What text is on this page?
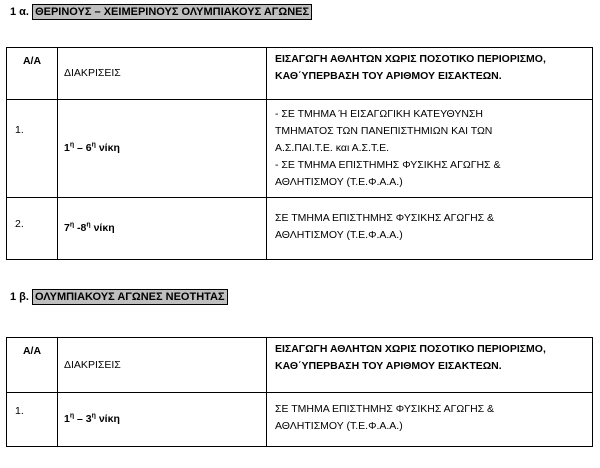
1 α. ΘΕΡΙΝΟΥΣ – ΧΕΙΜΕΡΙΝΟΥΣ ΟΛΥΜΠΙΑΚΟΥΣ ΑΓΩΝΕΣ
Α/Α	ΔΙΑΚΡΙΣΕΙΣ	ΕΙΣΑΓΩΓΗ ΑΘΛΗΤΩΝ ΧΩΡΙΣ ΠΟΣΟΤΙΚΟ ΠΕΡΙΟΡΙΣΜΟ,
ΚΑΘ΄ΥΠΕΡΒΑΣΗ ΤΟΥ ΑΡΙΘΜΟΥ ΕΙΣΑΚΤΕΩΝ.

1.	$1^\eta - 6^\eta$ νίκη	- ΣΕ ΤΜΗΜΑ Ή ΕΙΣΑΓΩΓΙΚΗ ΚΑΤΕΥΘΥΝΣΗ
ΤΜΗΜΑΤΟΣ ΤΩΝ ΠΑΝΕΠΙΣΤΗΜΙΩΝ ΚΑΙ ΤΩΝ
Α.Σ.ΠΑΙ.Τ.Ε. και Α.Σ.Τ.Ε.
- ΣΕ ΤΜΗΜΑ ΕΠΙΣΤΗΜΗΣ ΦΥΣΙΚΗΣ ΑΓΩΓΗΣ &
ΑΘΛΗΤΙΣΜΟΥ (Τ.Ε.Φ.Α.Α.)

2.	$7^\eta$ $-8^\eta$ νίκη	ΣΕ ΤΜΗΜΑ ΕΠΙΣΤΗΜΗΣ ΦΥΣΙΚΗΣ ΑΓΩΓΗΣ &
ΑΘΛΗΤΙΣΜΟΥ (Τ.Ε.Φ.Α.Α.)
1 β. ΟΛΥΜΠΙΑΚΟΥΣ ΑΓΩΝΕΣ ΝΕΟΤΗΤΑΣ
Α/Α	ΔΙΑΚΡΙΣΕΙΣ	ΕΙΣΑΓΩΓΗ ΑΘΛΗΤΩΝ ΧΩΡΙΣ ΠΟΣΟΤΙΚΟ ΠΕΡΙΟΡΙΣΜΟ,
ΚΑΘ΄ΥΠΕΡΒΑΣΗ ΤΟΥ ΑΡΙΘΜΟΥ ΕΙΣΑΚΤΕΩΝ.

1.	$1^\eta - 3^\eta$ νίκη	ΣΕ ΤΜΗΜΑ ΕΠΙΣΤΗΜΗΣ ΦΥΣΙΚΗΣ ΑΓΩΓΗΣ &
ΑΘΛΗΤΙΣΜΟΥ (Τ.Ε.Φ.Α.Α.)
